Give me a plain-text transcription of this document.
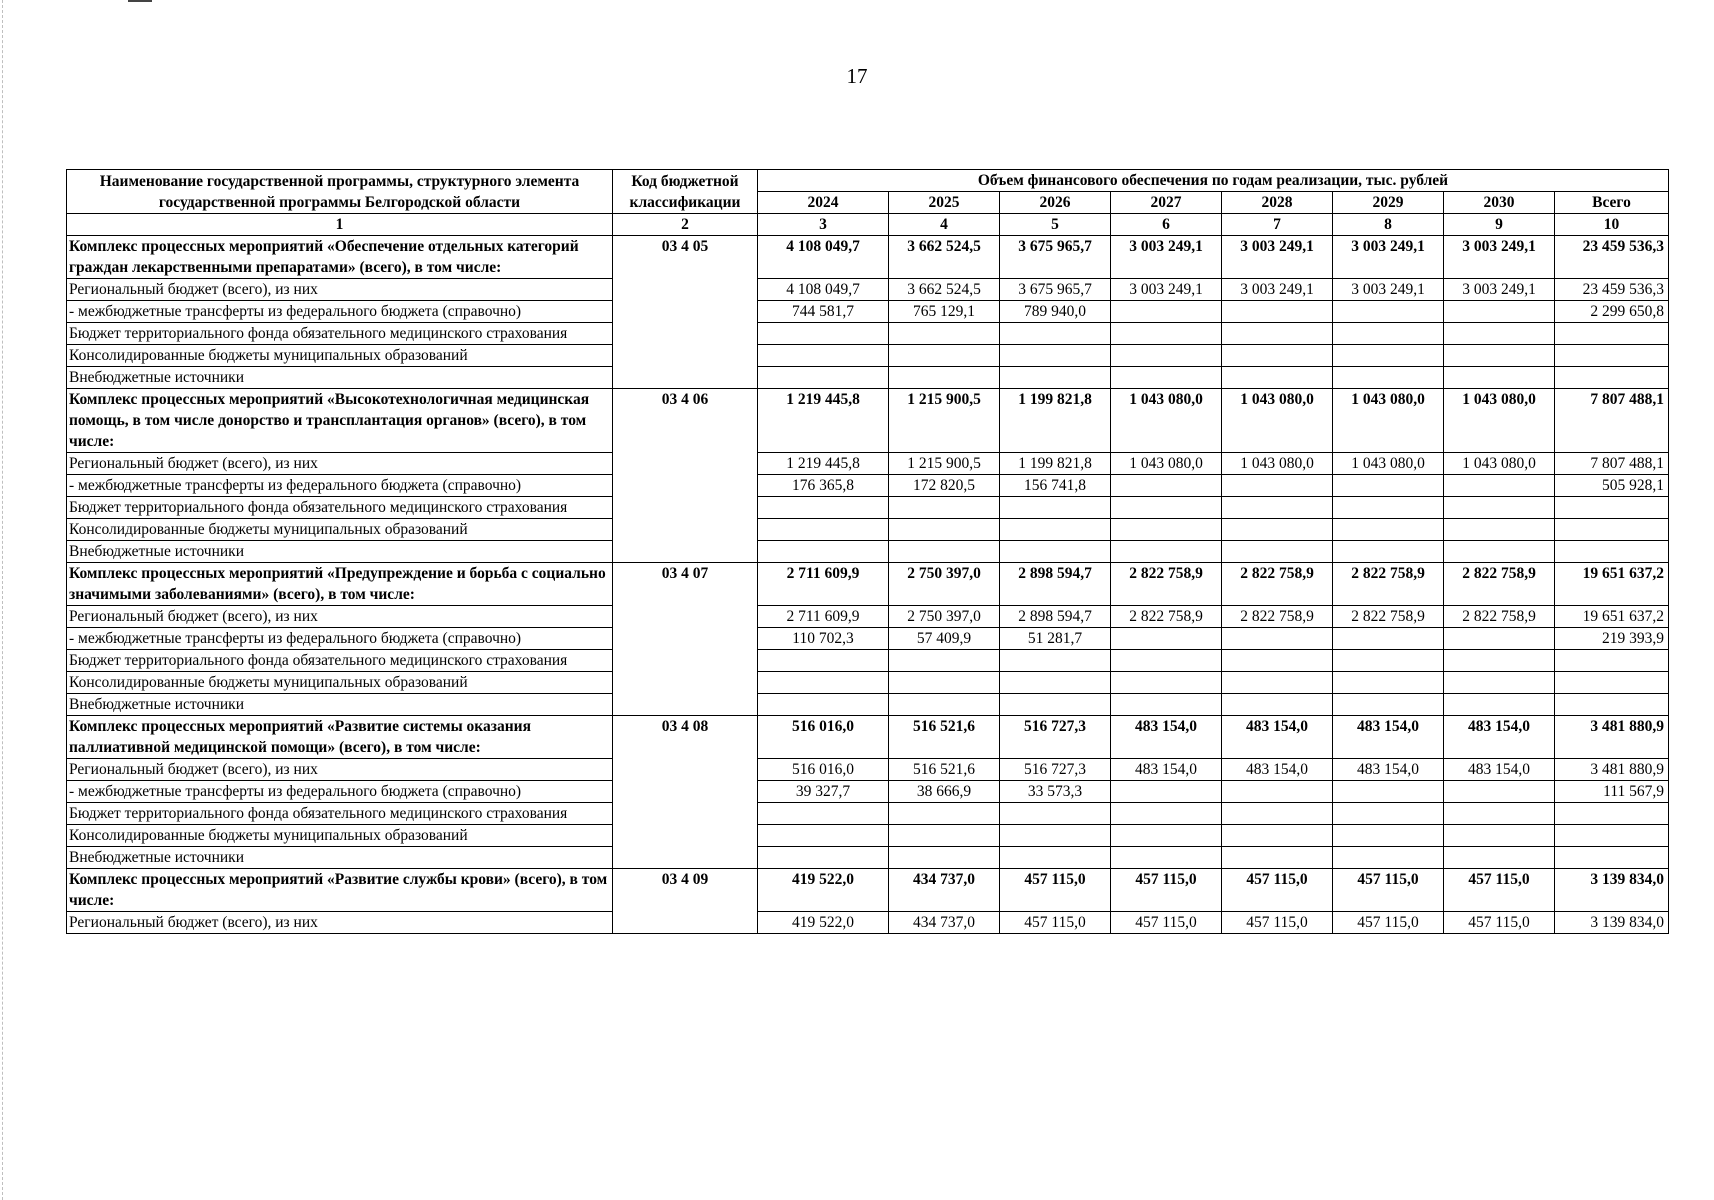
17
Наименование государственной программы, структурного элемента государственной программы Белгородской области	Код бюджетной классификации	Объем финансового обеспечения по годам реализации, тыс. рублей							
		2024	2025	2026	2027	2028	2029	2030	Всего
1	2	3	4	5	6	7	8	9	10
Комплекс процессных мероприятий «Обеспечение отдельных категорий граждан лекарственными препаратами» (всего), в том числе:	03 4 05	4 108 049,7	3 662 524,5	3 675 965,7	3 003 249,1	3 003 249,1	3 003 249,1	3 003 249,1	23 459 536,3
Региональный бюджет (всего), из них		4 108 049,7	3 662 524,5	3 675 965,7	3 003 249,1	3 003 249,1	3 003 249,1	3 003 249,1	23 459 536,3
- межбюджетные трансферты из федерального бюджета (справочно)		744 581,7	765 129,1	789 940,0					2 299 650,8
Бюджет территориального фонда обязательного медицинского страхования									
Консолидированные бюджеты муниципальных образований									
Внебюджетные источники									
Комплекс процессных мероприятий «Высокотехнологичная медицинская помощь, в том числе донорство и трансплантация органов» (всего), в том числе:	03 4 06	1 219 445,8	1 215 900,5	1 199 821,8	1 043 080,0	1 043 080,0	1 043 080,0	1 043 080,0	7 807 488,1
Региональный бюджет (всего), из них		1 219 445,8	1 215 900,5	1 199 821,8	1 043 080,0	1 043 080,0	1 043 080,0	1 043 080,0	7 807 488,1
- межбюджетные трансферты из федерального бюджета (справочно)		176 365,8	172 820,5	156 741,8					505 928,1
Бюджет территориального фонда обязательного медицинского страхования									
Консолидированные бюджеты муниципальных образований									
Внебюджетные источники									
Комплекс процессных мероприятий «Предупреждение и борьба с социально значимыми заболеваниями» (всего), в том числе:	03 4 07	2 711 609,9	2 750 397,0	2 898 594,7	2 822 758,9	2 822 758,9	2 822 758,9	2 822 758,9	19 651 637,2
Региональный бюджет (всего), из них		2 711 609,9	2 750 397,0	2 898 594,7	2 822 758,9	2 822 758,9	2 822 758,9	2 822 758,9	19 651 637,2
- межбюджетные трансферты из федерального бюджета (справочно)		110 702,3	57 409,9	51 281,7					219 393,9
Бюджет территориального фонда обязательного медицинского страхования									
Консолидированные бюджеты муниципальных образований									
Внебюджетные источники									
Комплекс процессных мероприятий «Развитие системы оказания паллиативной медицинской помощи» (всего), в том числе:	03 4 08	516 016,0	516 521,6	516 727,3	483 154,0	483 154,0	483 154,0	483 154,0	3 481 880,9
Региональный бюджет (всего), из них		516 016,0	516 521,6	516 727,3	483 154,0	483 154,0	483 154,0	483 154,0	3 481 880,9
- межбюджетные трансферты из федерального бюджета (справочно)		39 327,7	38 666,9	33 573,3					111 567,9
Бюджет территориального фонда обязательного медицинского страхования									
Консолидированные бюджеты муниципальных образований									
Внебюджетные источники									
Комплекс процессных мероприятий «Развитие службы крови» (всего), в том числе:	03 4 09	419 522,0	434 737,0	457 115,0	457 115,0	457 115,0	457 115,0	457 115,0	3 139 834,0
Региональный бюджет (всего), из них		419 522,0	434 737,0	457 115,0	457 115,0	457 115,0	457 115,0	457 115,0	3 139 834,0
